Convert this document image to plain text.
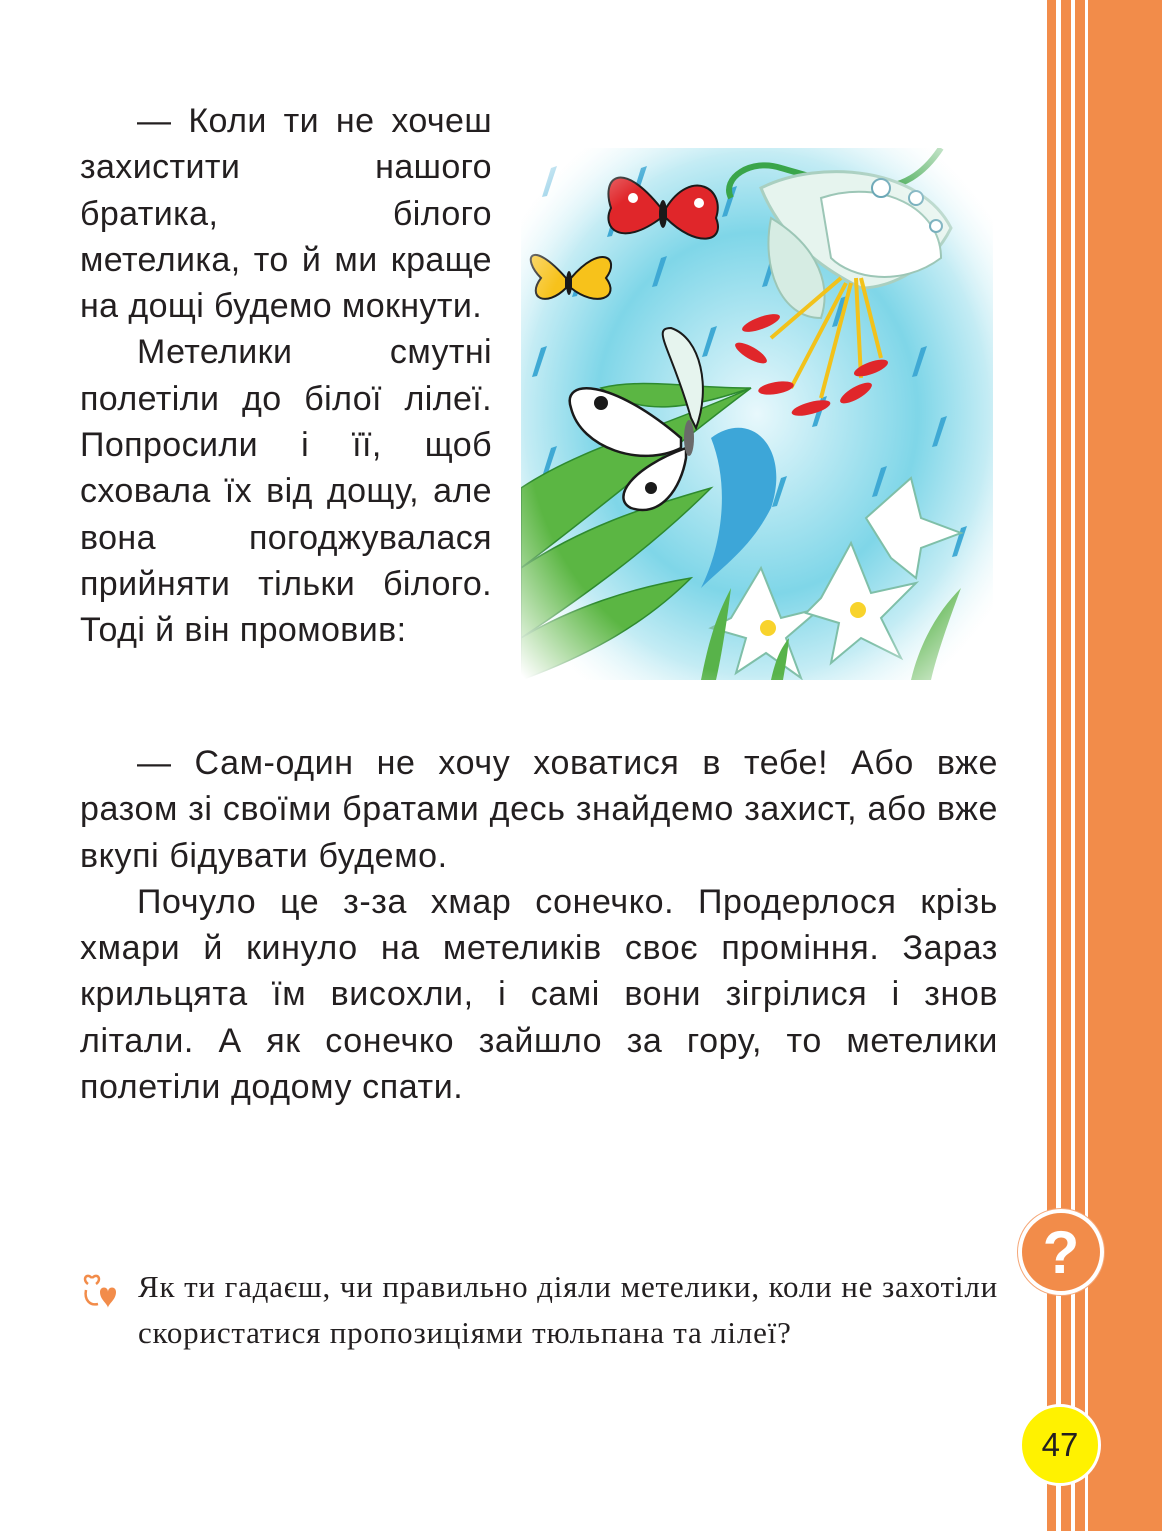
— Коли ти не хочеш захистити нашого братика, білого метелика, то й ми краще на дощі будемо мокнути.

Метелики смутні полетіли до білої лілеї. Попросили і її, щоб сховала їх від дощу, але вона погоджувалася прийняти тільки білого. Тоді й він промовив:

— Сам-один не хочу ховатися в тебе! Або вже разом зі своїми братами десь знайдемо захист, або вже вкупі бідувати будемо.

Почуло це з-за хмар сонечко. Продерлося крізь хмари й кинуло на метеликів своє проміння. Зараз крильцята їм висохли, і самі вони зігрілися і знов літали. А як сонечко зайшло за гору, то метелики полетіли додому спати.

?

Як ти гадаєш, чи правильно діяли метелики, коли не захотіли скористатися пропозиціями тюльпана та лілеї?

47
